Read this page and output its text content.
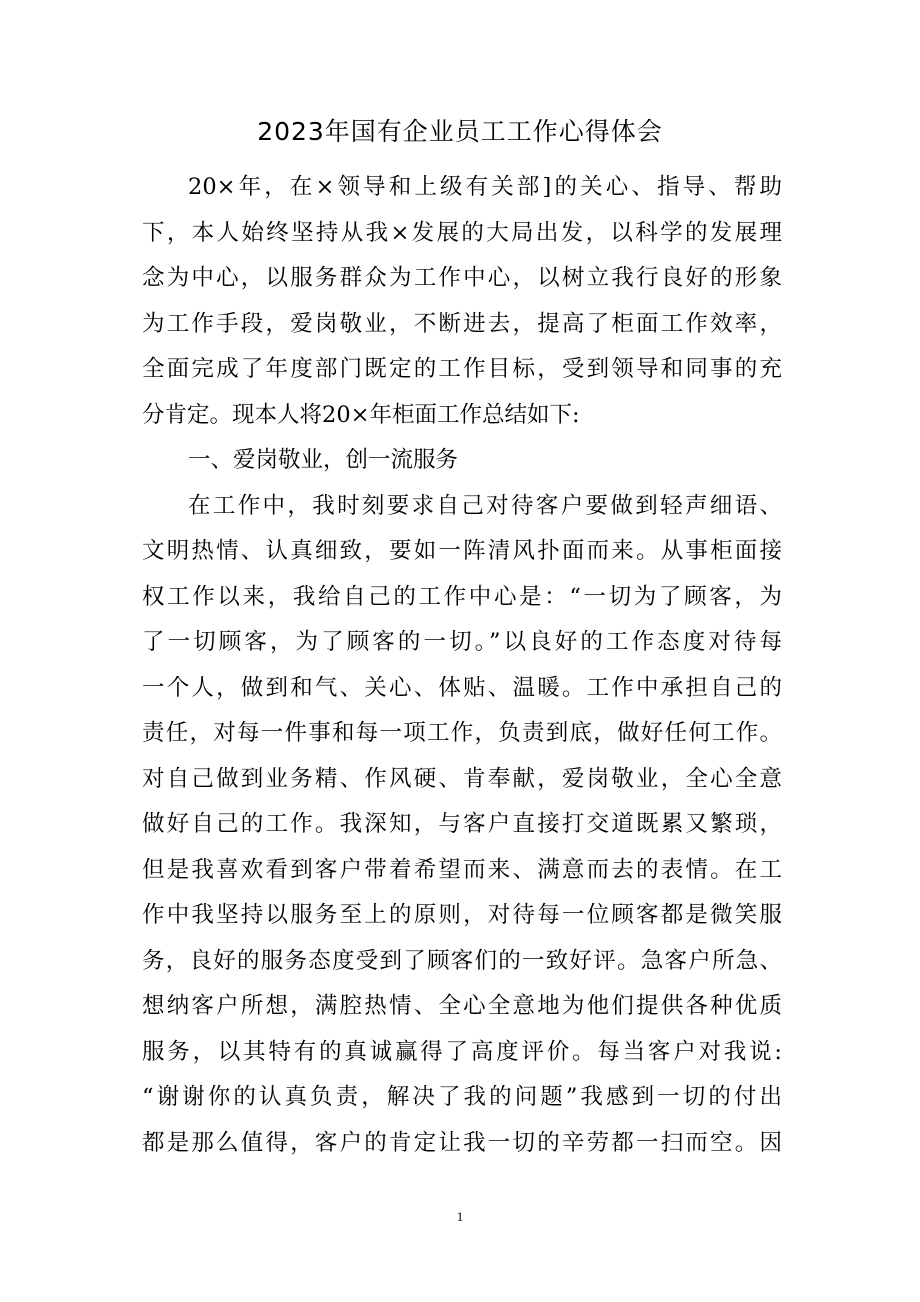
2023年国有企业员工工作心得体会
20×年，在×领导和上级有关部]的关心、指导、帮助
下，本人始终坚持从我×发展的大局出发，以科学的发展理
念为中心，以服务群众为工作中心，以树立我行良好的形象
为工作手段，爱岗敬业，不断进去，提高了柜面工作效率，
全面完成了年度部门既定的工作目标，受到领导和同事的充
分肯定。现本人将20×年柜面工作总结如下:
一、爱岗敬业，创一流服务
在工作中，我时刻要求自己对待客户要做到轻声细语、
文明热情、认真细致，要如一阵清风扑面而来。从事柜面接
权工作以来，我给自己的工作中心是：“一切为了顾客，为
了一切顾客，为了顾客的一切。”以良好的工作态度对待每
一个人，做到和气、关心、体贴、温暖。工作中承担自己的
责任，对每一件事和每一项工作，负责到底，做好任何工作。
对自己做到业务精、作风硬、肯奉献，爱岗敬业，全心全意
做好自己的工作。我深知，与客户直接打交道既累又繁琐，
但是我喜欢看到客户带着希望而来、满意而去的表情。在工
作中我坚持以服务至上的原则，对待每一位顾客都是微笑服
务，良好的服务态度受到了顾客们的一致好评。急客户所急、
想纳客户所想，满腔热情、全心全意地为他们提供各种优质
服务，以其特有的真诚赢得了高度评价。每当客户对我说:
“谢谢你的认真负责，解决了我的问题”我感到一切的付出
都是那么值得，客户的肯定让我一切的辛劳都一扫而空。因
1
